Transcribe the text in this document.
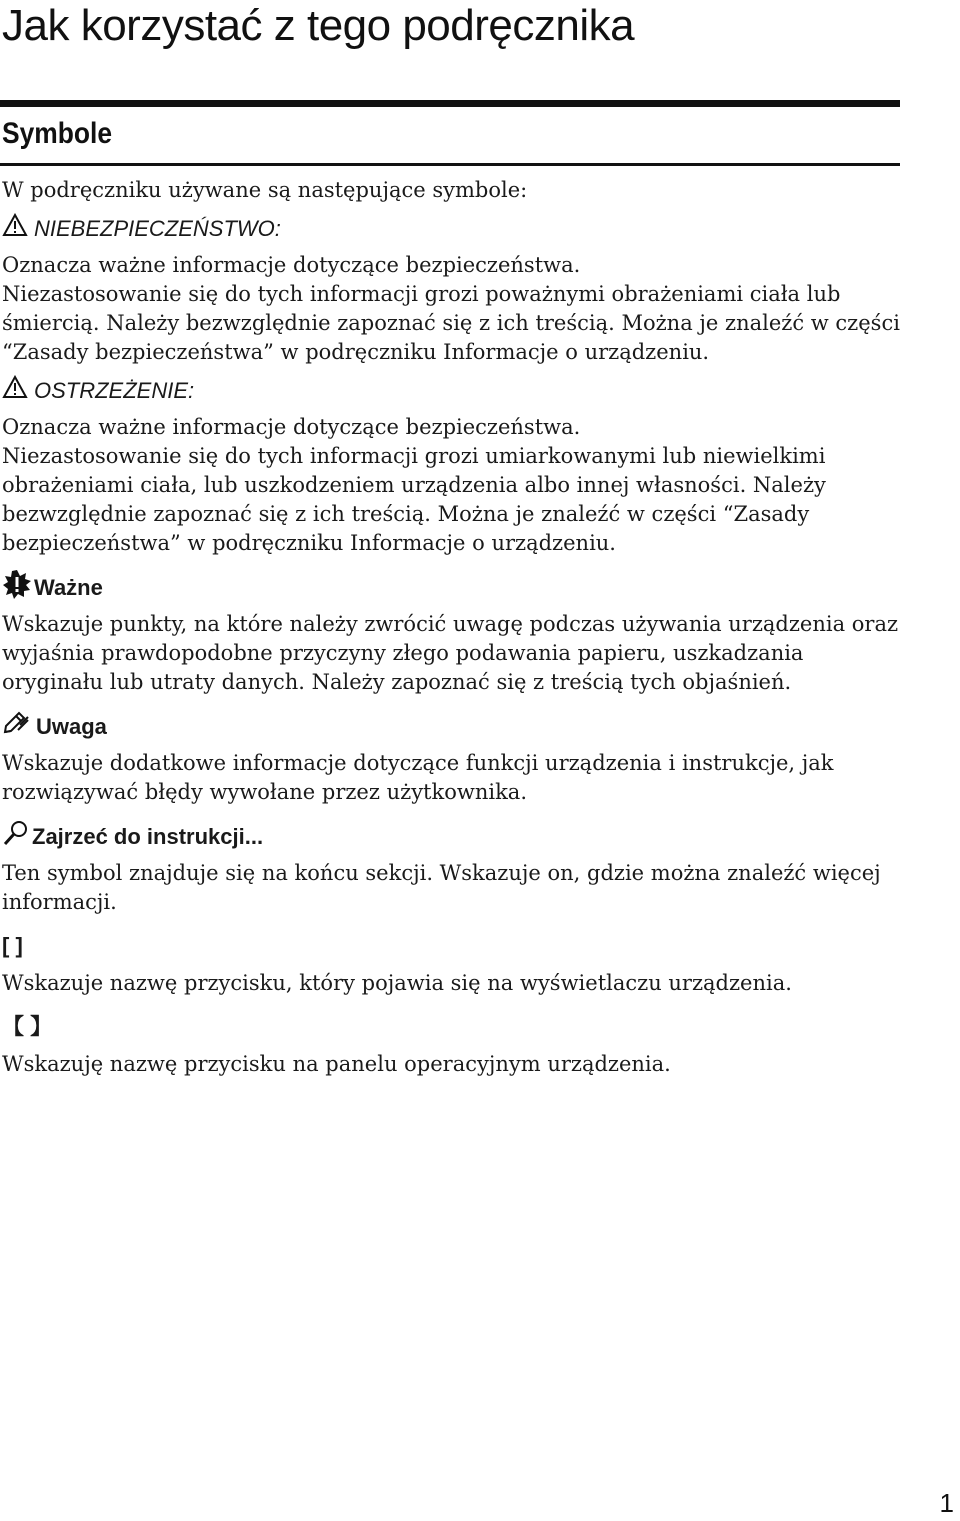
Jak korzystać z tego podręcznika
Symbole

W podręczniku używane są następujące symbole:

NIEBEZPIECZEŃSTWO:

Oznacza ważne informacje dotyczące bezpieczeństwa.

Niezastosowanie się do tych informacji grozi poważnymi obrażeniami ciała lub śmiercią. Należy bezwzględnie zapoznać się z ich treścią. Można je znaleźć w części “Zasady bezpieczeństwa” w podręczniku Informacje o urządzeniu.

OSTRZEŻENIE:

Oznacza ważne informacje dotyczące bezpieczeństwa.

Niezastosowanie się do tych informacji grozi umiarkowanymi lub niewielkimi obrażeniami ciała, lub uszkodzeniem urządzenia albo innej własności. Należy bezwzględnie zapoznać się z ich treścią. Można je znaleźć w części “Zasady bezpieczeństwa” w podręczniku Informacje o urządzeniu.

Ważne

Wskazuje punkty, na które należy zwrócić uwagę podczas używania urządzenia oraz wyjaśnia prawdopodobne przyczyny złego podawania papieru, uszkadzania oryginału lub utraty danych. Należy zapoznać się z treścią tych objaśnień.

Uwaga

Wskazuje dodatkowe informacje dotyczące funkcji urządzenia i instrukcje, jak rozwiązywać błędy wywołane przez użytkownika.

Zajrzeć do instrukcji...

Ten symbol znajduje się na końcu sekcji. Wskazuje on, gdzie można znaleźć więcej informacji.

[ ]

Wskazuje nazwę przycisku, który pojawia się na wyświetlaczu urządzenia.

【 】

Wskazuję nazwę przycisku na panelu operacyjnym urządzenia.

1
